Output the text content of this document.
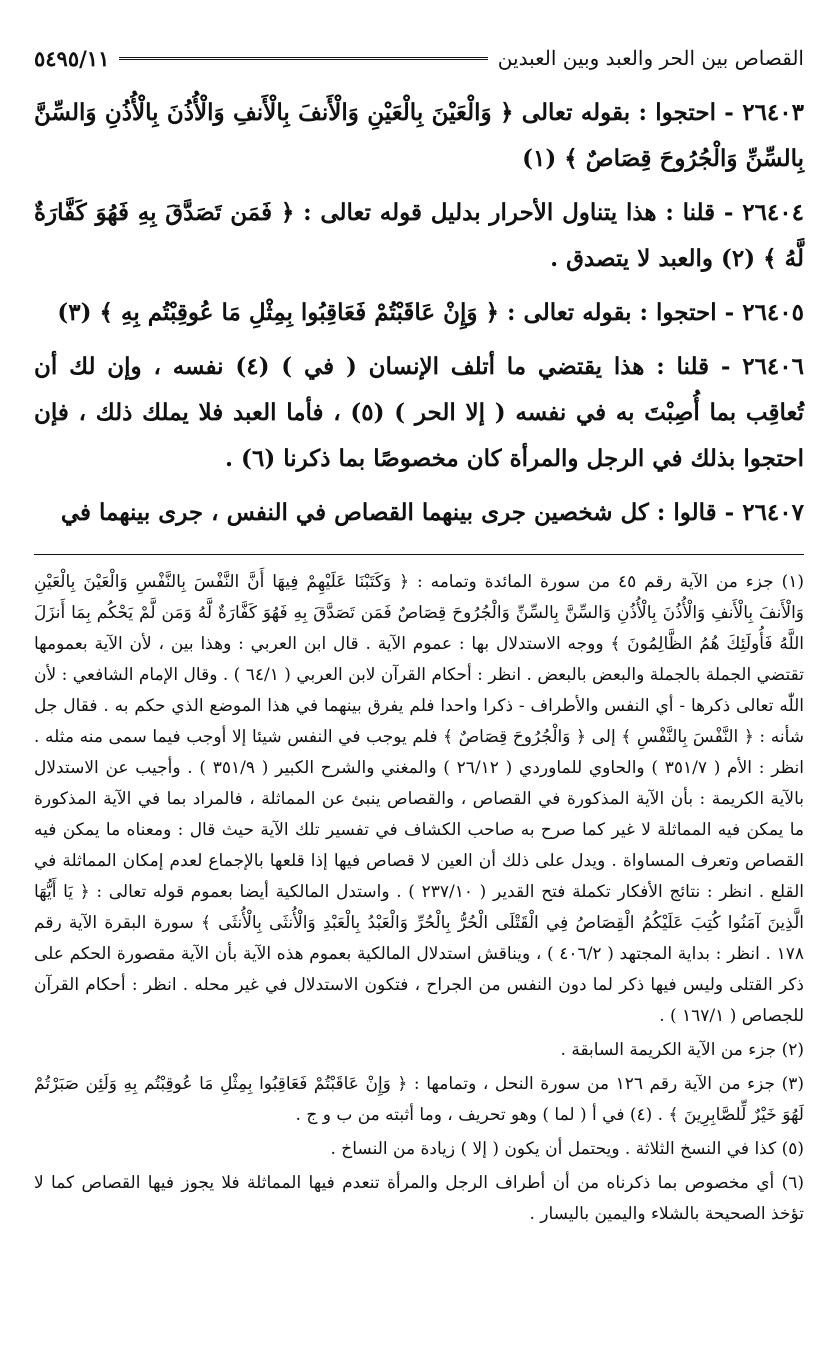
القصاص بين الحر والعبد وبين العبدين
٥٤٩٥/١١

٢٦٤٠٣ - احتجوا : بقوله تعالى ﴿ وَالْعَيْنَ بِالْعَيْنِ وَالْأَنفَ بِالْأَنفِ وَالْأُذُنَ بِالْأُذُنِ وَالسِّنَّ بِالسِّنِّ وَالْجُرُوحَ قِصَاصٌ ﴾ (١)

٢٦٤٠٤ - قلنا : هذا يتناول الأحرار بدليل قوله تعالى : ﴿ فَمَن تَصَدَّقَ بِهِ فَهُوَ كَفَّارَةٌ لَّهُ ﴾ (٢) والعبد لا يتصدق .

٢٦٤٠٥ - احتجوا : بقوله تعالى : ﴿ وَإِنْ عَاقَبْتُمْ فَعَاقِبُوا بِمِثْلِ مَا عُوقِبْتُم بِهِ ﴾ (٣)

٢٦٤٠٦ - قلنا : هذا يقتضي ما أتلف الإنسان ( في ) (٤) نفسه ، وإن لك أن تُعاقِب بما أُصِبْتَ به في نفسه ( إلا الحر ) (٥) ، فأما العبد فلا يملك ذلك ، فإن احتجوا بذلك في الرجل والمرأة كان مخصوصًا بما ذكرنا (٦) .

٢٦٤٠٧ - قالوا : كل شخصين جرى بينهما القصاص في النفس ، جرى بينهما في

(١) جزء من الآية رقم ٤٥ من سورة المائدة وتمامه : ﴿ وَكَتَبْنَا عَلَيْهِمْ فِيهَا أَنَّ النَّفْسَ بِالنَّفْسِ وَالْعَيْنَ بِالْعَيْنِ وَالْأَنفَ بِالْأَنفِ وَالْأُذُنَ بِالْأُذُنِ وَالسِّنَّ بِالسِّنِّ وَالْجُرُوحَ قِصَاصٌ فَمَن تَصَدَّقَ بِهِ فَهُوَ كَفَّارَةٌ لَّهُ وَمَن لَّمْ يَحْكُم بِمَا أَنزَلَ اللَّهُ فَأُولَئِكَ هُمُ الظَّالِمُونَ ﴾ ووجه الاستدلال بها : عموم الآية . قال ابن العربي : وهذا بين ، لأن الآية بعمومها تقتضي الجملة بالجملة والبعض بالبعض . انظر : أحكام القرآن لابن العربي ( ٦٤/١ ) . وقال الإمام الشافعي : لأن اللّٰه تعالى ذكرها - أي النفس والأطراف - ذكرا واحدا فلم يفرق بينهما في هذا الموضع الذي حكم به . فقال جل شأنه : ﴿ النَّفْسَ بِالنَّفْسِ ﴾ إلى ﴿ وَالْجُرُوحَ قِصَاصٌ ﴾ فلم يوجب في النفس شيئا إلا أوجب فيما سمى منه مثله . انظر : الأم ( ٣٥١/٧ ) والحاوي للماوردي ( ٢٦/١٢ ) والمغني والشرح الكبير ( ٣٥١/٩ ) . وأجيب عن الاستدلال بالآية الكريمة : بأن الآية المذكورة في القصاص ، والقصاص ينبئ عن المماثلة ، فالمراد بما في الآية المذكورة ما يمكن فيه المماثلة لا غير كما صرح به صاحب الكشاف في تفسير تلك الآية حيث قال : ومعناه ما يمكن فيه القصاص وتعرف المساواة . ويدل على ذلك أن العين لا قصاص فيها إذا قلعها بالإجماع لعدم إمكان المماثلة في القلع . انظر : نتائج الأفكار تكملة فتح القدير ( ٢٣٧/١٠ ) . واستدل المالكية أيضا بعموم قوله تعالى : ﴿ يَا أَيُّهَا الَّذِينَ آمَنُوا كُتِبَ عَلَيْكُمُ الْقِصَاصُ فِي الْقَتْلَى الْحُرُّ بِالْحُرِّ وَالْعَبْدُ بِالْعَبْدِ وَالْأُنثَى بِالْأُنثَى ﴾ سورة البقرة الآية رقم ١٧٨ . انظر : بداية المجتهد ( ٤٠٦/٢ ) ، ويناقش استدلال المالكية بعموم هذه الآية بأن الآية مقصورة الحكم على ذكر القتلى وليس فيها ذكر لما دون النفس من الجراح ، فتكون الاستدلال في غير محله . انظر : أحكام القرآن للجصاص ( ١٦٧/١ ) .

(٢) جزء من الآية الكريمة السابقة .

(٣) جزء من الآية رقم ١٢٦ من سورة النحل ، وتمامها : ﴿ وَإِنْ عَاقَبْتُمْ فَعَاقِبُوا بِمِثْلِ مَا عُوقِبْتُم بِهِ وَلَئِن صَبَرْتُمْ لَهُوَ خَيْرٌ لِّلصَّابِرِينَ ﴾ . (٤) في أ ( لما ) وهو تحريف ، وما أثبته من ب و ج .

(٥) كذا في النسخ الثلاثة . ويحتمل أن يكون ( إلا ) زيادة من النساخ .

(٦) أي مخصوص بما ذكرناه من أن أطراف الرجل والمرأة تنعدم فيها المماثلة فلا يجوز فيها القصاص كما لا تؤخذ الصحيحة بالشلاء واليمين باليسار .
